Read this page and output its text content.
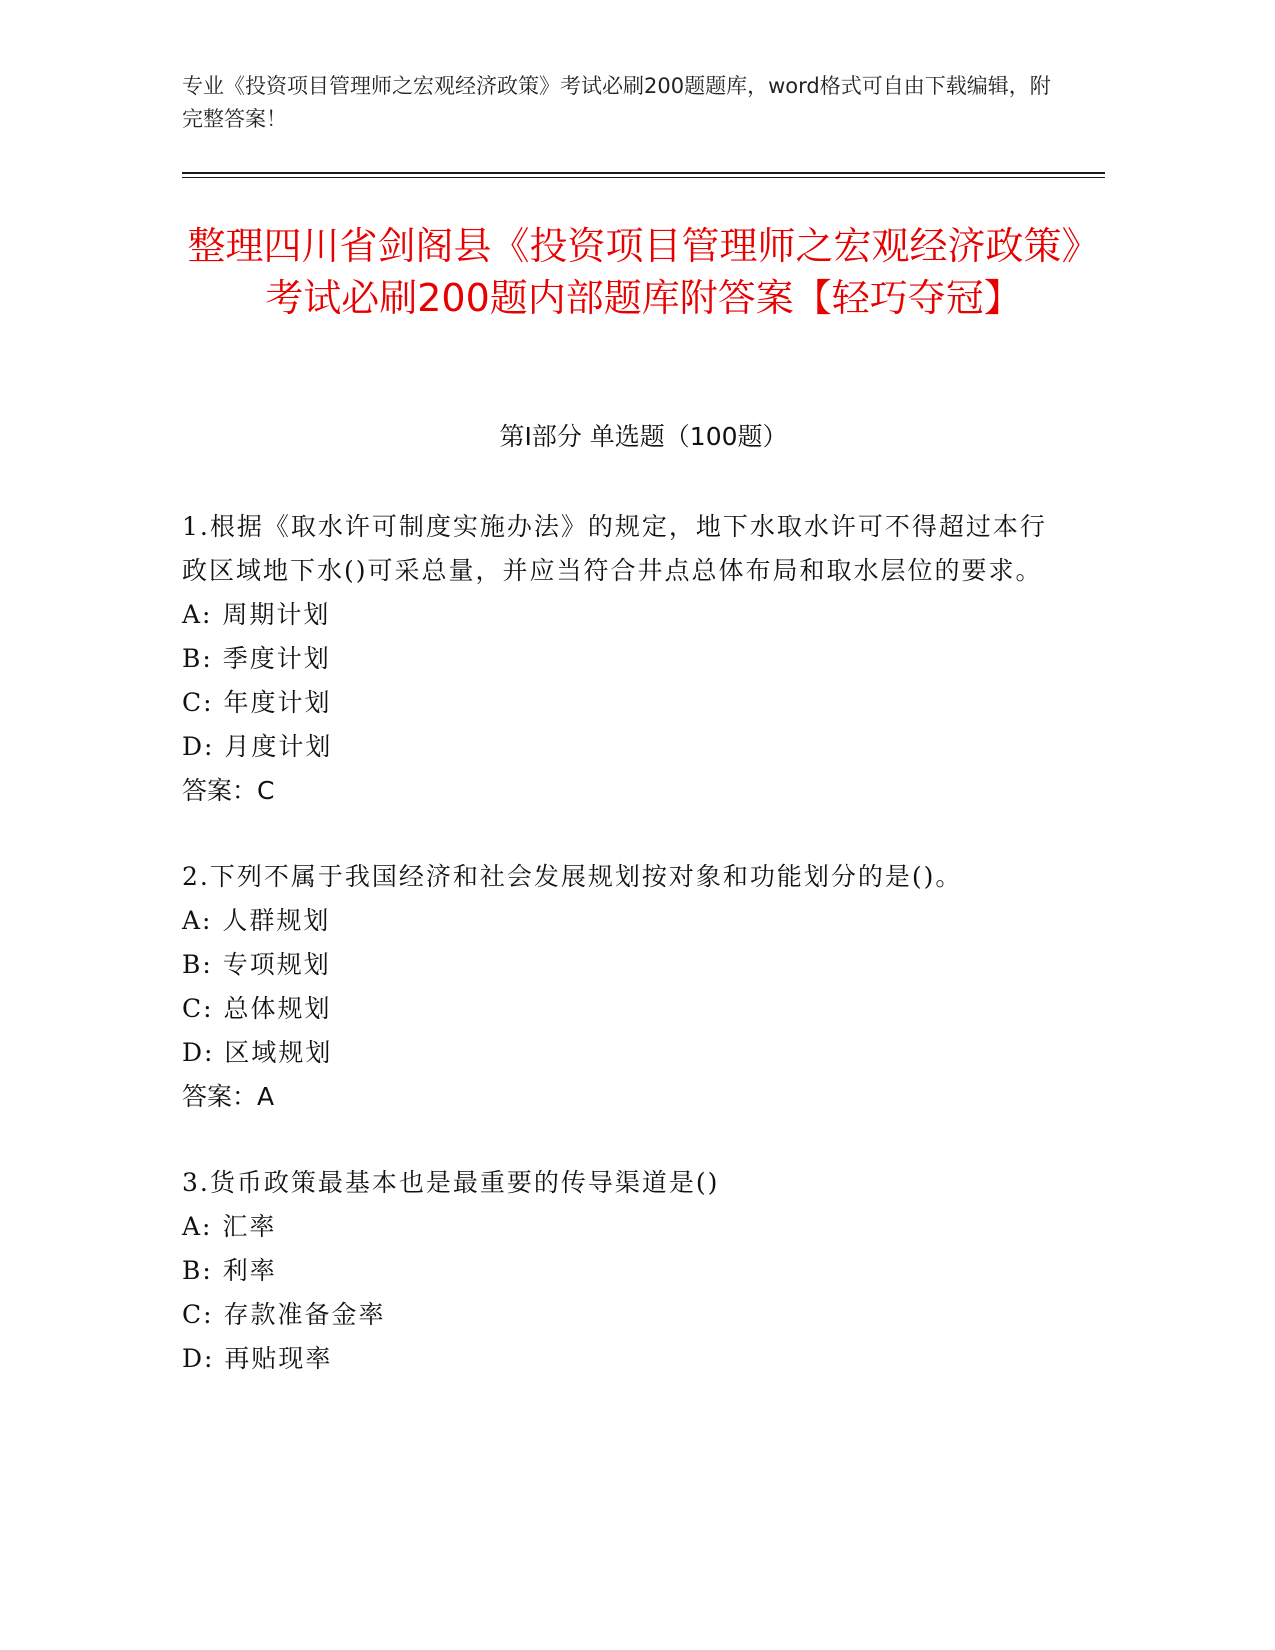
专业《投资项目管理师之宏观经济政策》考试必刷200题题库，word格式可自由下载编辑，附完整答案！
整理四川省剑阁县《投资项目管理师之宏观经济政策》考试必刷200题内部题库附答案【轻巧夺冠】
第I部分 单选题（100题）

1.根据《取水许可制度实施办法》的规定，地下水取水许可不得超过本行政区域地下水()可采总量，并应当符合井点总体布局和取水层位的要求。

A: 周期计划

B: 季度计划

C: 年度计划

D: 月度计划

答案：C

2.下列不属于我国经济和社会发展规划按对象和功能划分的是()。

A: 人群规划

B: 专项规划

C: 总体规划

D: 区域规划

答案：A

3.货币政策最基本也是最重要的传导渠道是()

A: 汇率

B: 利率

C: 存款准备金率

D: 再贴现率
